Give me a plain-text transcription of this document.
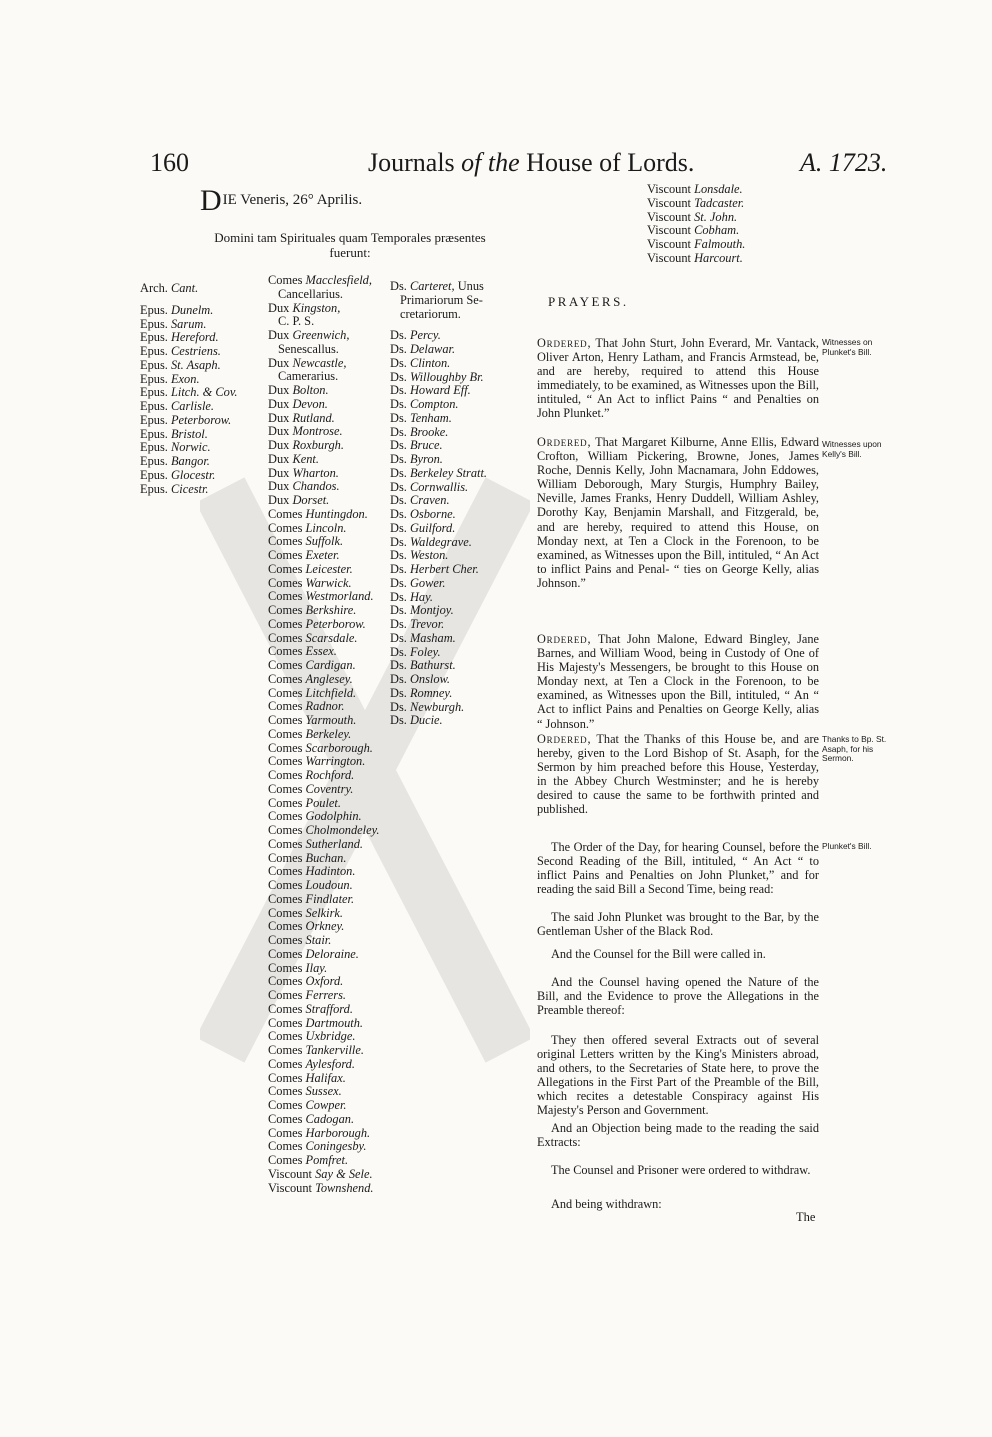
160	Journals of the House of Lords.	A. 1723.
DIE Veneris, 26° Aprilis.
Domini tam Spirituales quam Temporales præsentes fuerunt:
Arch. Cant.
Epus. Dunelm.
Epus. Sarum.
Epus. Hereford.
Epus. Cestriens.
Epus. St. Asaph.
Epus. Exon.
Epus. Litch. & Cov.
Epus. Carlisle.
Epus. Peterborow.
Epus. Bristol.
Epus. Norwic.
Epus. Bangor.
Epus. Glocestr.
Epus. Cicestr.
Comes Macclesfield,
Cancellarius.
Dux Kingston,
C. P. S.
Dux Greenwich,
Senescallus.
Dux Newcastle,
Camerarius.
Dux Bolton.
Dux Devon.
Dux Rutland.
Dux Montrose.
Dux Roxburgh.
Dux Kent.
Dux Wharton.
Dux Chandos.
Dux Dorset.
Comes Huntingdon.
Comes Lincoln.
Comes Suffolk.
Comes Exeter.
Comes Leicester.
Comes Warwick.
Comes Westmorland.
Comes Berkshire.
Comes Peterborow.
Comes Scarsdale.
Comes Essex.
Comes Cardigan.
Comes Anglesey.
Comes Litchfield.
Comes Radnor.
Comes Yarmouth.
Comes Berkeley.
Comes Scarborough.
Comes Warrington.
Comes Rochford.
Comes Coventry.
Comes Poulet.
Comes Godolphin.
Comes Cholmondeley.
Comes Sutherland.
Comes Buchan.
Comes Hadinton.
Comes Loudoun.
Comes Findlater.
Comes Selkirk.
Comes Orkney.
Comes Stair.
Comes Deloraine.
Comes Ilay.
Comes Oxford.
Comes Ferrers.
Comes Strafford.
Comes Dartmouth.
Comes Uxbridge.
Comes Tankerville.
Comes Aylesford.
Comes Halifax.
Comes Sussex.
Comes Cowper.
Comes Cadogan.
Comes Harborough.
Comes Coningesby.
Comes Pomfret.
Viscount Say & Sele.
Viscount Townshend.
Ds. Carteret, Unus
Primariorum Se-
cretariorum.
Ds. Percy.
Ds. Delawar.
Ds. Clinton.
Ds. Willoughby Br.
Ds. Howard Eff.
Ds. Compton.
Ds. Tenham.
Ds. Brooke.
Ds. Bruce.
Ds. Byron.
Ds. Berkeley Stratt.
Ds. Cornwallis.
Ds. Craven.
Ds. Osborne.
Ds. Guilford.
Ds. Waldegrave.
Ds. Weston.
Ds. Herbert Cher.
Ds. Gower.
Ds. Hay.
Ds. Montjoy.
Ds. Trevor.
Ds. Masham.
Ds. Foley.
Ds. Bathurst.
Ds. Onslow.
Ds. Romney.
Ds. Newburgh.
Ds. Ducie.
Viscount Lonsdale.
Viscount Tadcaster.
Viscount St. John.
Viscount Cobham.
Viscount Falmouth.
Viscount Harcourt.
PRAYERS.
Ordered, That John Sturt, John Everard, Mr. Vantack, Oliver Arton, Henry Latham, and Francis Armstead, be, and are hereby, required to attend this House immediately, to be examined, as Witnesses upon the Bill, intituled, “ An Act to inflict Pains “ and Penalties on John Plunket.”
Ordered, That Margaret Kilburne, Anne Ellis, Edward Crofton, William Pickering, Browne, Jones, James Roche, Dennis Kelly, John Macnamara, John Eddowes, William Deborough, Mary Sturgis, Humphry Bailey, Neville, James Franks, Henry Duddell, William Ashley, Dorothy Kay, Benjamin Marshall, and Fitzgerald, be, and are hereby, required to attend this House, on Monday next, at Ten a Clock in the Forenoon, to be examined, as Witnesses upon the Bill, intituled, “ An Act to inflict Pains and Penal- “ ties on George Kelly, alias Johnson.”
Ordered, That John Malone, Edward Bingley, Jane Barnes, and William Wood, being in Custody of One of His Majesty's Messengers, be brought to this House on Monday next, at Ten a Clock in the Forenoon, to be examined, as Witnesses upon the Bill, intituled, “ An “ Act to inflict Pains and Penalties on George Kelly, alias “ Johnson.”
Ordered, That the Thanks of this House be, and are hereby, given to the Lord Bishop of St. Asaph, for the Sermon by him preached before this House, Yesterday, in the Abbey Church Westminster; and he is hereby desired to cause the same to be forthwith printed and published.
The Order of the Day, for hearing Counsel, before the Second Reading of the Bill, intituled, “ An Act “ to inflict Pains and Penalties on John Plunket,” and for reading the said Bill a Second Time, being read:
The said John Plunket was brought to the Bar, by the Gentleman Usher of the Black Rod.
And the Counsel for the Bill were called in.
And the Counsel having opened the Nature of the Bill, and the Evidence to prove the Allegations in the Preamble thereof:
They then offered several Extracts out of several original Letters written by the King's Ministers abroad, and others, to the Secretaries of State here, to prove the Allegations in the First Part of the Preamble of the Bill, which recites a detestable Conspiracy against His Majesty's Person and Government.
And an Objection being made to the reading the said Extracts:
The Counsel and Prisoner were ordered to withdraw.
And being withdrawn:
Witnesses on Plunket's Bill.
Witnesses upon Kelly's Bill.
Thanks to Bp. St. Asaph, for his Sermon.
Plunket's Bill.
The
